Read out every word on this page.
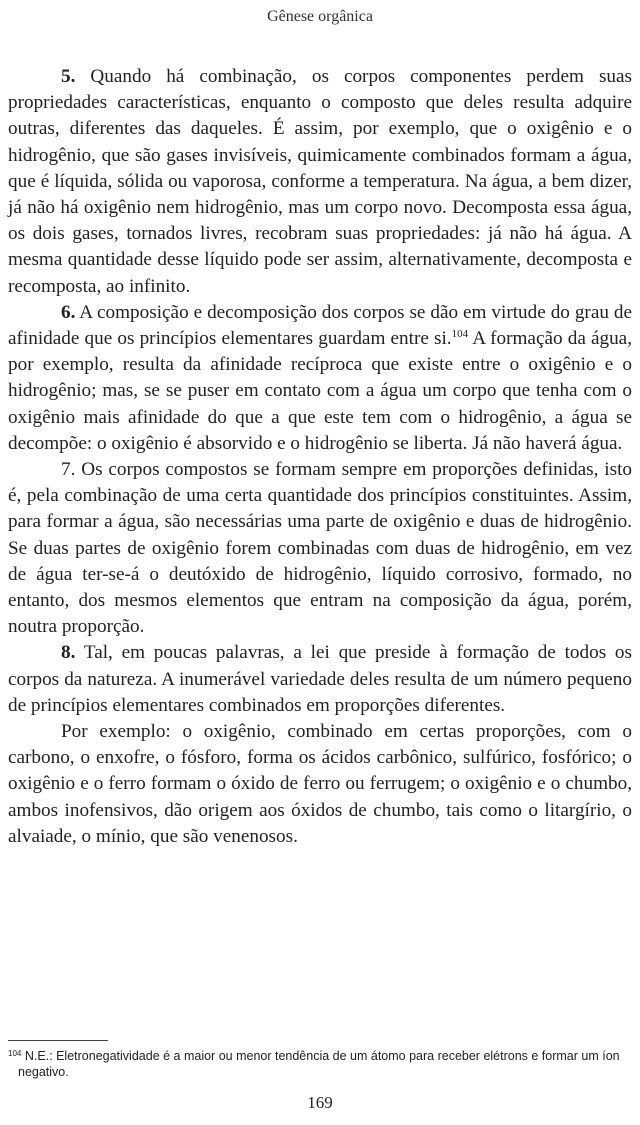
Gênese orgânica

5. Quando há combinação, os corpos componentes perdem suas propriedades características, enquanto o composto que deles resulta adquire outras, diferentes das daqueles. É assim, por exemplo, que o oxigênio e o hidrogênio, que são gases invisíveis, quimicamente combinados formam a água, que é líquida, sólida ou vaporosa, conforme a temperatura. Na água, a bem dizer, já não há oxigênio nem hidrogênio, mas um corpo novo. Decomposta essa água, os dois gases, tornados livres, recobram suas propriedades: já não há água. A mesma quantidade desse líquido pode ser assim, alternativamente, decomposta e recomposta, ao infinito.

6. A composição e decomposição dos corpos se dão em virtude do grau de afinidade que os princípios elementares guardam entre si.$^{104}$ A formação da água, por exemplo, resulta da afinidade recíproca que existe entre o oxigênio e o hidrogênio; mas, se se puser em contato com a água um corpo que tenha com o oxigênio mais afinidade do que a que este tem com o hidrogênio, a água se decompõe: o oxigênio é absorvido e o hidrogênio se liberta. Já não haverá água.

7. Os corpos compostos se formam sempre em proporções definidas, isto é, pela combinação de uma certa quantidade dos princípios constituintes. Assim, para formar a água, são necessárias uma parte de oxigênio e duas de hidrogênio. Se duas partes de oxigênio forem combinadas com duas de hidrogênio, em vez de água ter-se-á o deutóxido de hidrogênio, líquido corrosivo, formado, no entanto, dos mesmos elementos que entram na composição da água, porém, noutra proporção.

8. Tal, em poucas palavras, a lei que preside à formação de todos os corpos da natureza. A inumerável variedade deles resulta de um número pequeno de princípios elementares combinados em proporções diferentes.

Por exemplo: o oxigênio, combinado em certas proporções, com o carbono, o enxofre, o fósforo, forma os ácidos carbônico, sulfúrico, fosfórico; o oxigênio e o ferro formam o óxido de ferro ou ferrugem; o oxigênio e o chumbo, ambos inofensivos, dão origem aos óxidos de chumbo, tais como o litargírio, o alvaiade, o mínio, que são venenosos.

$^{104}$ N.E.: Eletronegatividade é a maior ou menor tendência de um átomo para receber elétrons e formar um íon negativo.
169
